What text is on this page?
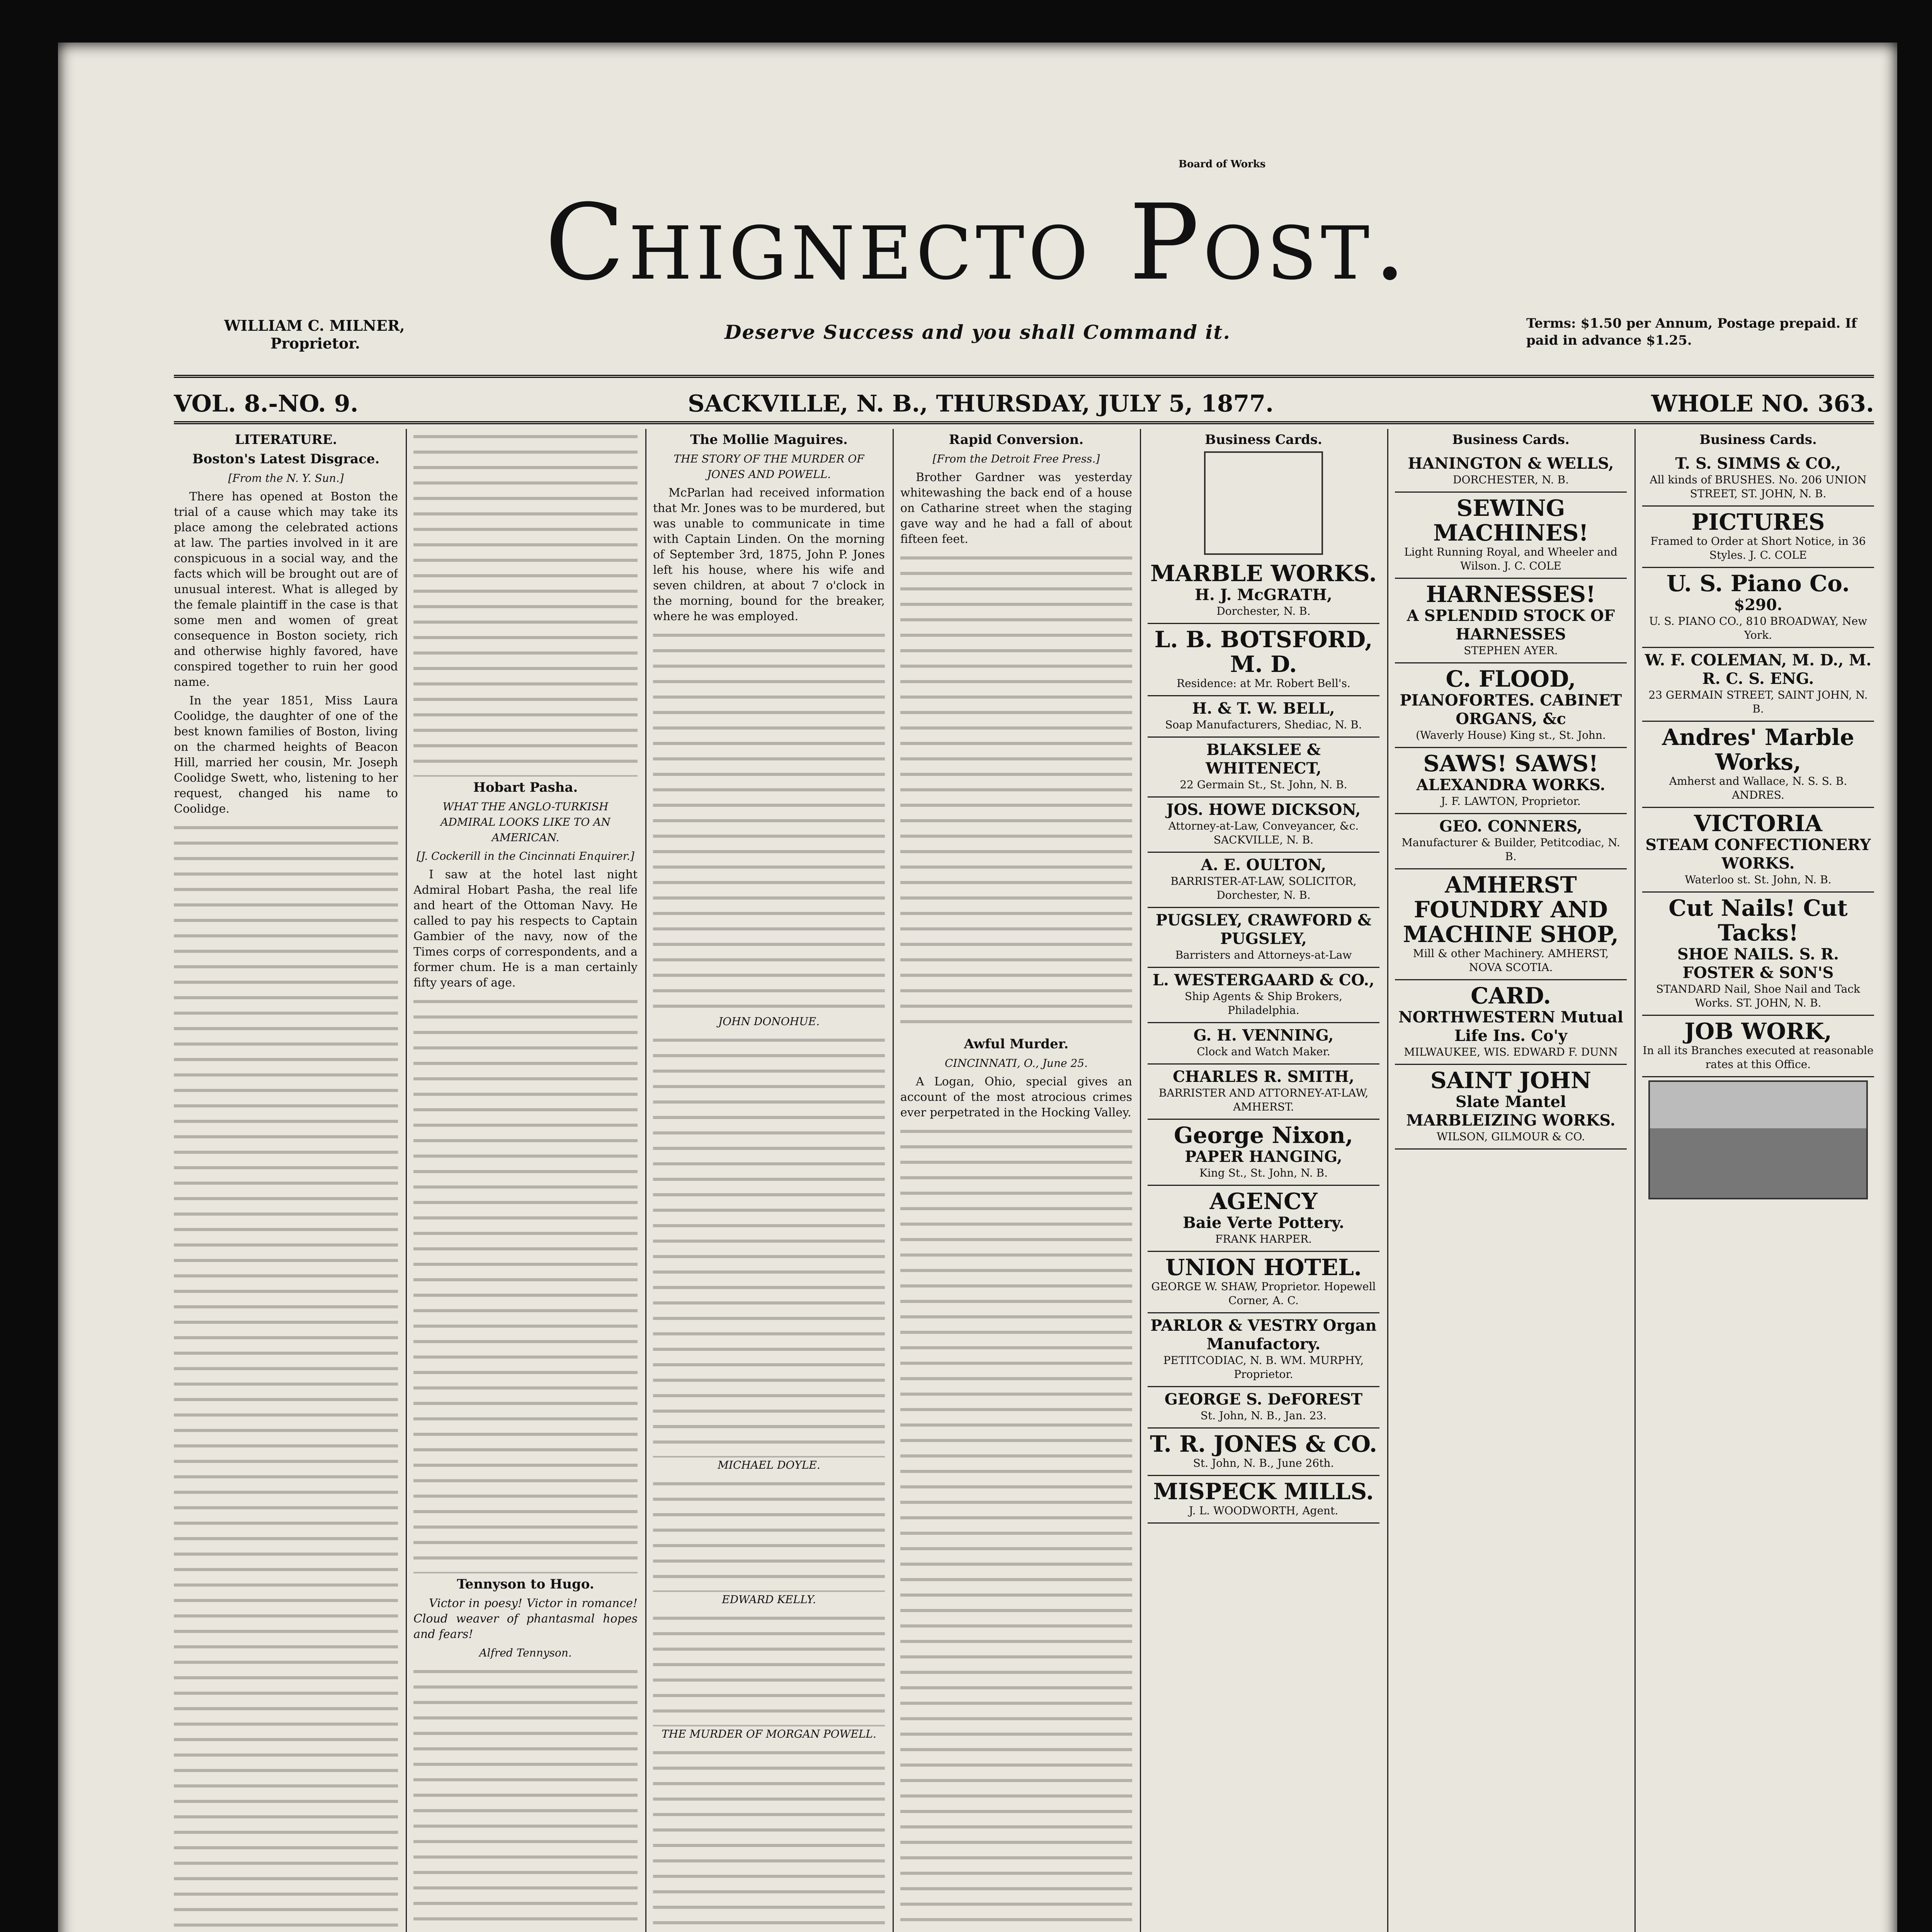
Board of Works
Chignecto Post.
WILLIAM C. MILNER,
Proprietor.	Deserve Success and you shall Command it.	Terms: $1.50 per Annum, Postage prepaid. If paid in advance $1.25.
VOL. 8.-NO. 9.	SACKVILLE, N. B., THURSDAY, JULY 5, 1877.	WHOLE NO. 363.
LITERATURE.
Boston's Latest Disgrace.
[From the N. Y. Sun.]

There has opened at Boston the trial of a cause which may take its place among the celebrated actions at law. The parties involved in it are conspicuous in a social way, and the facts which will be brought out are of unusual interest. What is alleged by the female plaintiff in the case is that some men and women of great consequence in Boston society, rich and otherwise highly favored, have conspired together to ruin her good name.

In the year 1851, Miss Laura Coolidge, the daughter of one of the best known families of Boston, living on the charmed heights of Beacon Hill, married her cousin, Mr. Joseph Coolidge Swett, who, listening to her request, changed his name to Coolidge.

Hobart Pasha.
WHAT THE ANGLO-TURKISH ADMIRAL LOOKS LIKE TO AN AMERICAN.
[J. Cockerill in the Cincinnati Enquirer.]

I saw at the hotel last night Admiral Hobart Pasha, the real life and heart of the Ottoman Navy. He called to pay his respects to Captain Gambier of the navy, now of the Times corps of correspondents, and a former chum. He is a man certainly fifty years of age.

Tennyson to Hugo.

Victor in poesy! Victor in romance! Cloud weaver of phantasmal hopes and fears!

Alfred Tennyson.
The Mollie Maguires.
THE STORY OF THE MURDER OF JONES AND POWELL.

McParlan had received information that Mr. Jones was to be murdered, but was unable to communicate in time with Captain Linden. On the morning of September 3rd, 1875, John P. Jones left his house, where his wife and seven children, at about 7 o'clock in the morning, bound for the breaker, where he was employed.

JOHN DONOHUE.
MICHAEL DOYLE.
EDWARD KELLY.
THE MURDER OF MORGAN POWELL.
Rapid Conversion.
[From the Detroit Free Press.]

Brother Gardner was yesterday whitewashing the back end of a house on Catharine street when the staging gave way and he had a fall of about fifteen feet.

Awful Murder.
CINCINNATI, O., June 25.

A Logan, Ohio, special gives an account of the most atrocious crimes ever perpetrated in the Hocking Valley.

Business Cards.
MARBLE WORKS.
H. J. McGRATH,
Dorchester, N. B.
L. B. BOTSFORD, M. D.
Residence: at Mr. Robert Bell's.
H. & T. W. BELL,
Soap Manufacturers, Shediac, N. B.
BLAKSLEE & WHITENECT,
22 Germain St., St. John, N. B.
JOS. HOWE DICKSON,
Attorney-at-Law, Conveyancer, &c. SACKVILLE, N. B.
A. E. OULTON,
BARRISTER-AT-LAW, SOLICITOR, Dorchester, N. B.
PUGSLEY, CRAWFORD & PUGSLEY,
Barristers and Attorneys-at-Law
L. WESTERGAARD & CO.,
Ship Agents & Ship Brokers, Philadelphia.
G. H. VENNING,
Clock and Watch Maker.
CHARLES R. SMITH,
BARRISTER AND ATTORNEY-AT-LAW, AMHERST.
George Nixon,
PAPER HANGING,
King St., St. John, N. B.
AGENCY
Baie Verte Pottery.
FRANK HARPER.
UNION HOTEL.
GEORGE W. SHAW, Proprietor. Hopewell Corner, A. C.
PARLOR & VESTRY Organ Manufactory.
PETITCODIAC, N. B. WM. MURPHY, Proprietor.
GEORGE S. DeFOREST
St. John, N. B., Jan. 23.
T. R. JONES & CO.
St. John, N. B., June 26th.
MISPECK MILLS.
J. L. WOODWORTH, Agent.
Business Cards.
HANINGTON & WELLS,
DORCHESTER, N. B.
SEWING MACHINES!
Light Running Royal, and Wheeler and Wilson. J. C. COLE
HARNESSES!
A SPLENDID STOCK OF HARNESSES
STEPHEN AYER.
C. FLOOD,
PIANOFORTES. CABINET ORGANS, &c
(Waverly House) King st., St. John.
SAWS! SAWS!
ALEXANDRA WORKS.
J. F. LAWTON, Proprietor.
GEO. CONNERS,
Manufacturer & Builder, Petitcodiac, N. B.
AMHERST FOUNDRY AND MACHINE SHOP,
Mill & other Machinery. AMHERST, NOVA SCOTIA.
CARD.
NORTHWESTERN Mutual Life Ins. Co'y
MILWAUKEE, WIS. EDWARD F. DUNN
SAINT JOHN
Slate Mantel MARBLEIZING WORKS.
WILSON, GILMOUR & CO.
Business Cards.
T. S. SIMMS & CO.,
All kinds of BRUSHES. No. 206 UNION STREET, ST. JOHN, N. B.
PICTURES
Framed to Order at Short Notice, in 36 Styles. J. C. COLE
U. S. Piano Co.
$290.
U. S. PIANO CO., 810 BROADWAY, New York.
W. F. COLEMAN, M. D., M. R. C. S. ENG.
23 GERMAIN STREET, SAINT JOHN, N. B.
Andres' Marble Works,
Amherst and Wallace, N. S. S. B. ANDRES.
VICTORIA
STEAM CONFECTIONERY WORKS.
Waterloo st. St. John, N. B.
Cut Nails! Cut Tacks!
SHOE NAILS. S. R. FOSTER & SON'S
STANDARD Nail, Shoe Nail and Tack Works. ST. JOHN, N. B.
JOB WORK,
In all its Branches executed at reasonable rates at this Office.
